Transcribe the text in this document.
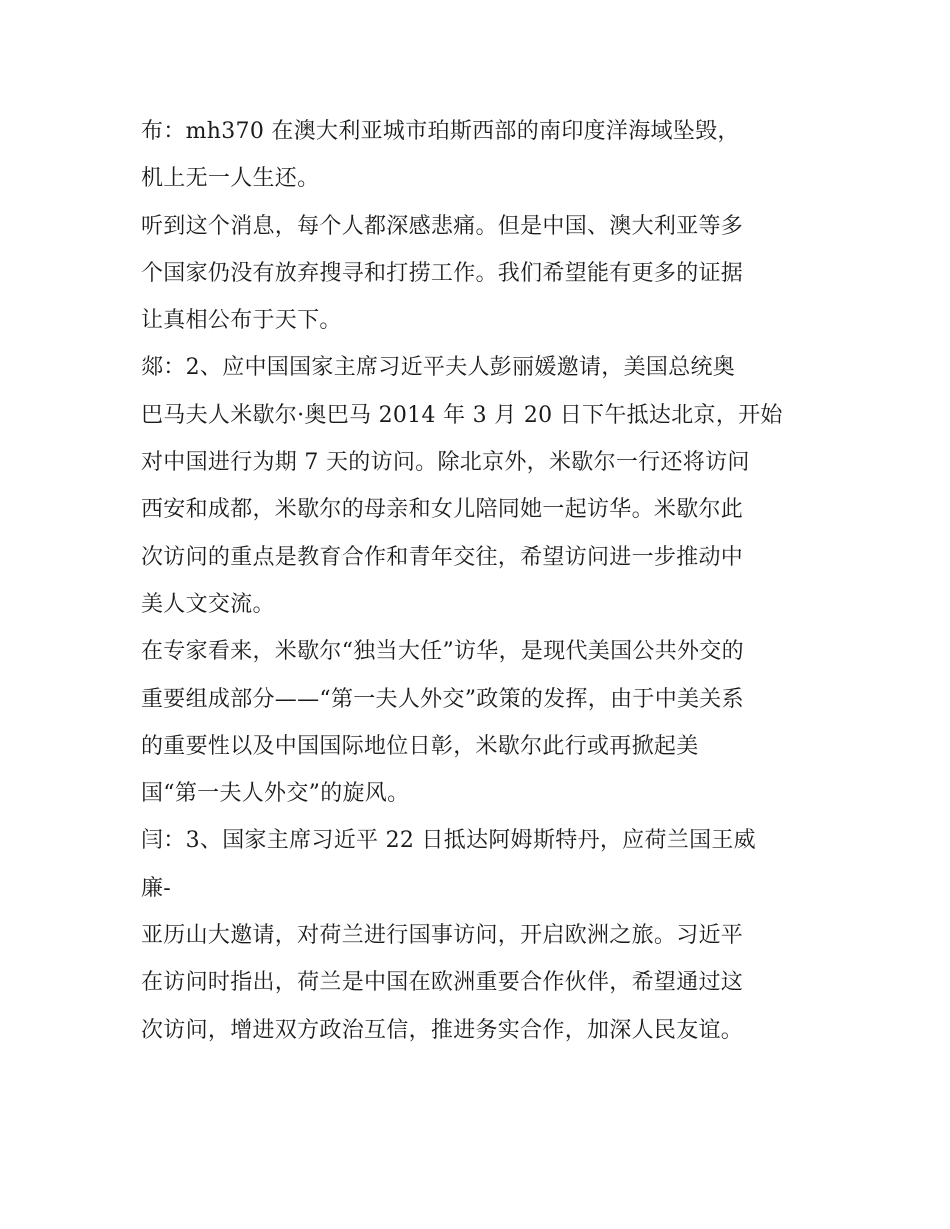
布：mh370 在澳大利亚城市珀斯西部的南印度洋海域坠毁，

机上无一人生还。

听到这个消息，每个人都深感悲痛。但是中国、澳大利亚等多

个国家仍没有放弃搜寻和打捞工作。我们希望能有更多的证据

让真相公布于天下。

郯：2、应中国国家主席习近平夫人彭丽媛邀请，美国总统奥

巴马夫人米歇尔·奥巴马 2014 年 3 月 20 日下午抵达北京，开始

对中国进行为期 7 天的访问。除北京外，米歇尔一行还将访问

西安和成都，米歇尔的母亲和女儿陪同她一起访华。米歇尔此

次访问的重点是教育合作和青年交往，希望访问进一步推动中

美人文交流。

在专家看来，米歇尔“独当大任”访华，是现代美国公共外交的

重要组成部分——“第一夫人外交”政策的发挥，由于中美关系

的重要性以及中国国际地位日彰，米歇尔此行或再掀起美

国“第一夫人外交”的旋风。

闫：3、国家主席习近平 22 日抵达阿姆斯特丹，应荷兰国王威

廉-

亚历山大邀请，对荷兰进行国事访问，开启欧洲之旅。习近平

在访问时指出，荷兰是中国在欧洲重要合作伙伴，希望通过这

次访问，增进双方政治互信，推进务实合作，加深人民友谊。
